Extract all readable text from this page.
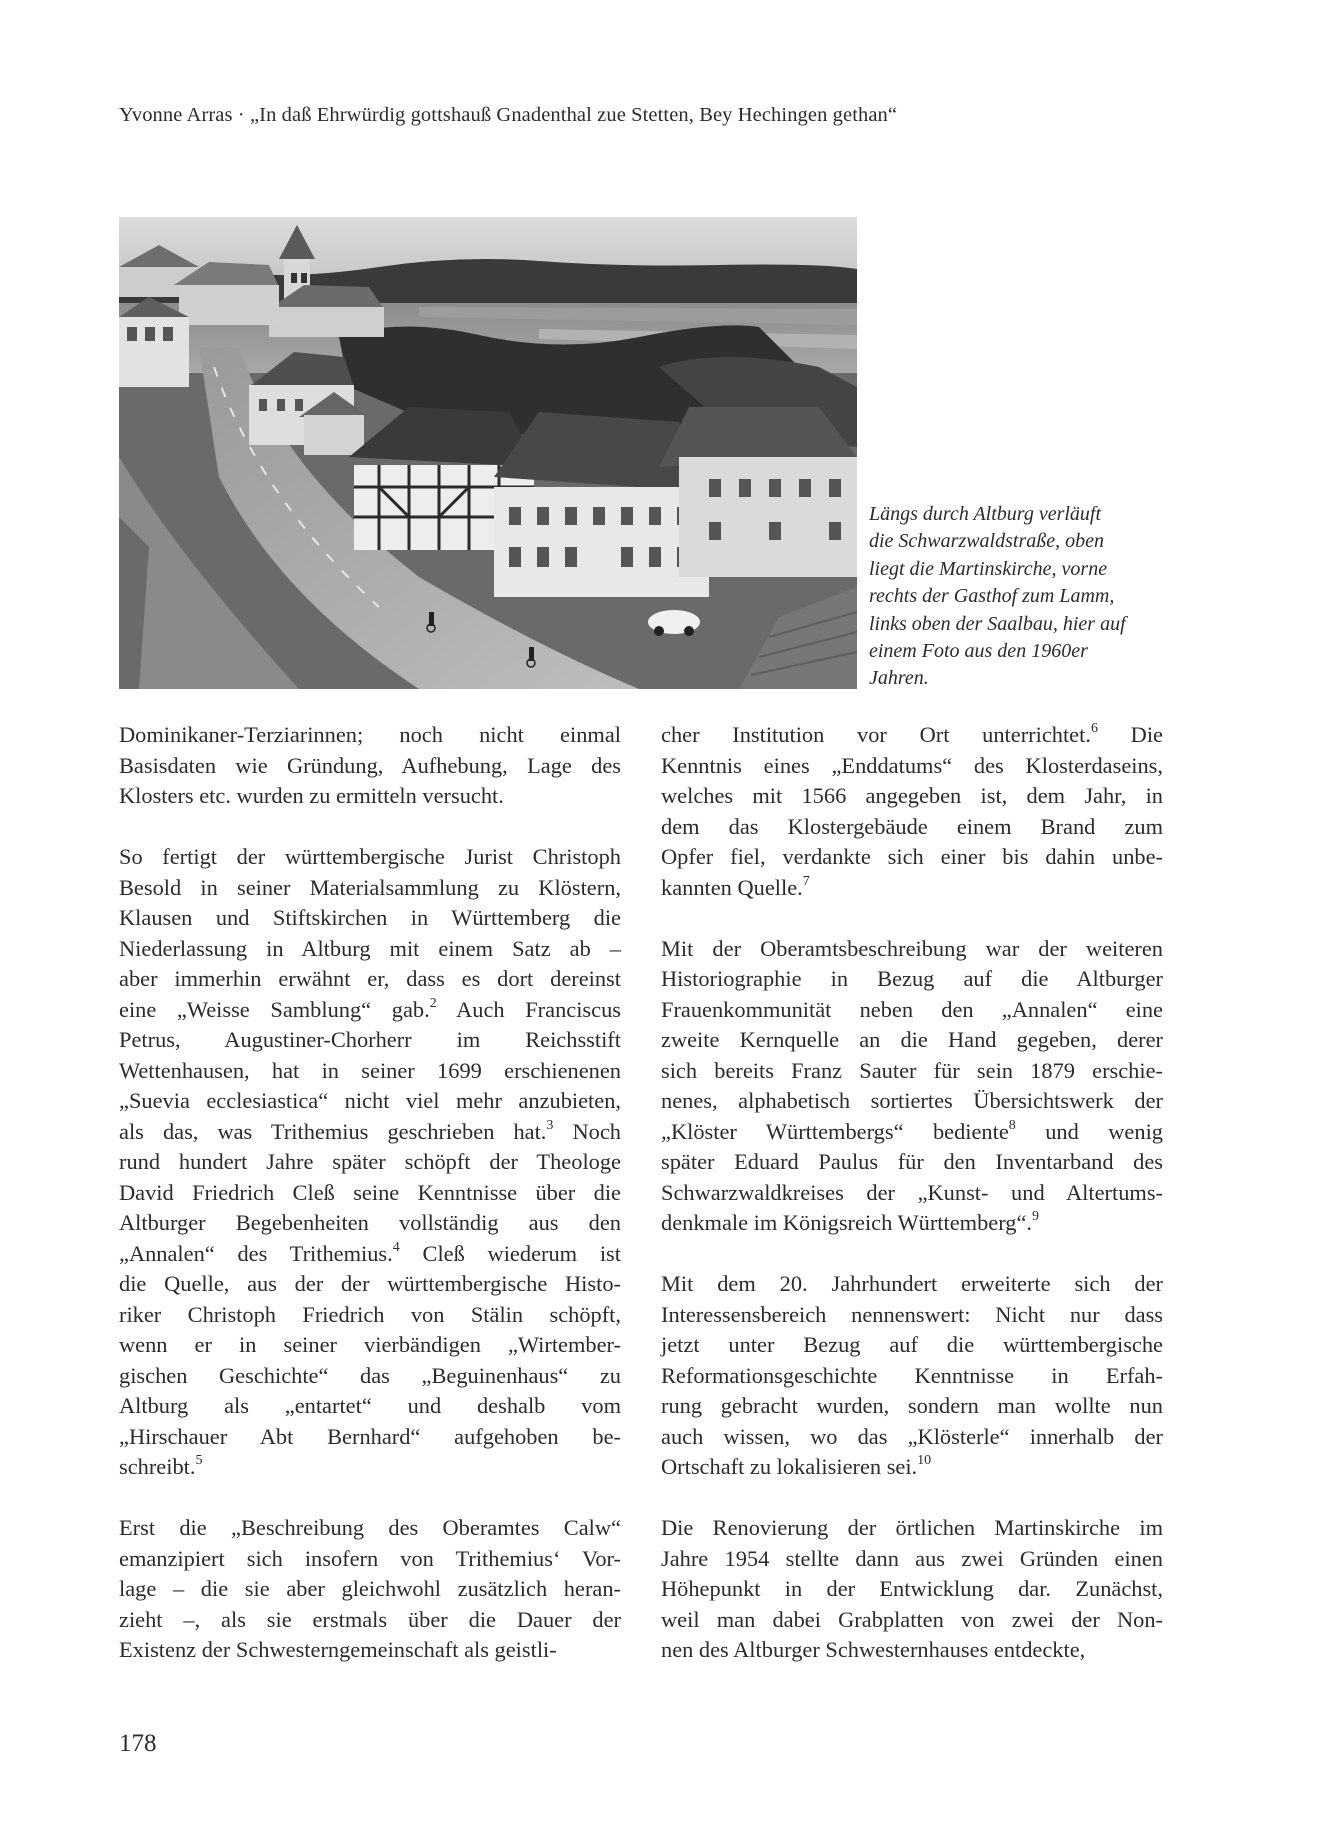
Yvonne Arras · „In daß Ehrwürdig gottshauß Gnadenthal zue Stetten, Bey Hechingen gethan“
Längs durch Altburg verläuft
die Schwarzwaldstraße, oben
liegt die Martinskirche, vorne
rechts der Gasthof zum Lamm,
links oben der Saalbau, hier auf
einem Foto aus den 1960er
Jahren.
Dominikaner-Terziarinnen; noch nicht einmal
Basisdaten wie Gründung, Aufhebung, Lage des
Klosters etc. wurden zu ermitteln versucht.
So fertigt der württembergische Jurist Christoph
Besold in seiner Materialsammlung zu Klöstern,
Klausen und Stiftskirchen in Württemberg die
Niederlassung in Altburg mit einem Satz ab –
aber immerhin erwähnt er, dass es dort dereinst
eine „Weisse Samblung“ gab.$^2$ Auch Franciscus
Petrus, Augustiner-Chorherr im Reichsstift
Wettenhausen, hat in seiner 1699 erschienenen
„Suevia ecclesiastica“ nicht viel mehr anzubieten,
als das, was Trithemius geschrieben hat.$^3$ Noch
rund hundert Jahre später schöpft der Theologe
David Friedrich Cleß seine Kenntnisse über die
Altburger Begebenheiten vollständig aus den
„Annalen“ des Trithemius.$^4$ Cleß wiederum ist
die Quelle, aus der der württembergische Histo-
riker Christoph Friedrich von Stälin schöpft,
wenn er in seiner vierbändigen „Wirtember-
gischen Geschichte“ das „Beguinenhaus“ zu
Altburg als „entartet“ und deshalb vom
„Hirschauer Abt Bernhard“ aufgehoben be-
schreibt.$^5$
Erst die „Beschreibung des Oberamtes Calw“
emanzipiert sich insofern von Trithemius‘ Vor-
lage – die sie aber gleichwohl zusätzlich heran-
zieht –, als sie erstmals über die Dauer der
Existenz der Schwesterngemeinschaft als geistli-
cher Institution vor Ort unterrichtet.$^6$ Die
Kenntnis eines „Enddatums“ des Klosterdaseins,
welches mit 1566 angegeben ist, dem Jahr, in
dem das Klostergebäude einem Brand zum
Opfer fiel, verdankte sich einer bis dahin unbe-
kannten Quelle.$^7$
Mit der Oberamtsbeschreibung war der weiteren
Historiographie in Bezug auf die Altburger
Frauenkommunität neben den „Annalen“ eine
zweite Kernquelle an die Hand gegeben, derer
sich bereits Franz Sauter für sein 1879 erschie-
nenes, alphabetisch sortiertes Übersichtswerk der
„Klöster Württembergs“ bediente$^8$ und wenig
später Eduard Paulus für den Inventarband des
Schwarzwaldkreises der „Kunst- und Altertums-
denkmale im Königsreich Württemberg“.$^9$
Mit dem 20. Jahrhundert erweiterte sich der
Interessensbereich nennenswert: Nicht nur dass
jetzt unter Bezug auf die württembergische
Reformationsgeschichte Kenntnisse in Erfah-
rung gebracht wurden, sondern man wollte nun
auch wissen, wo das „Klösterle“ innerhalb der
Ortschaft zu lokalisieren sei.$^{10}$
Die Renovierung der örtlichen Martinskirche im
Jahre 1954 stellte dann aus zwei Gründen einen
Höhepunkt in der Entwicklung dar. Zunächst,
weil man dabei Grabplatten von zwei der Non-
nen des Altburger Schwesternhauses entdeckte,
178
